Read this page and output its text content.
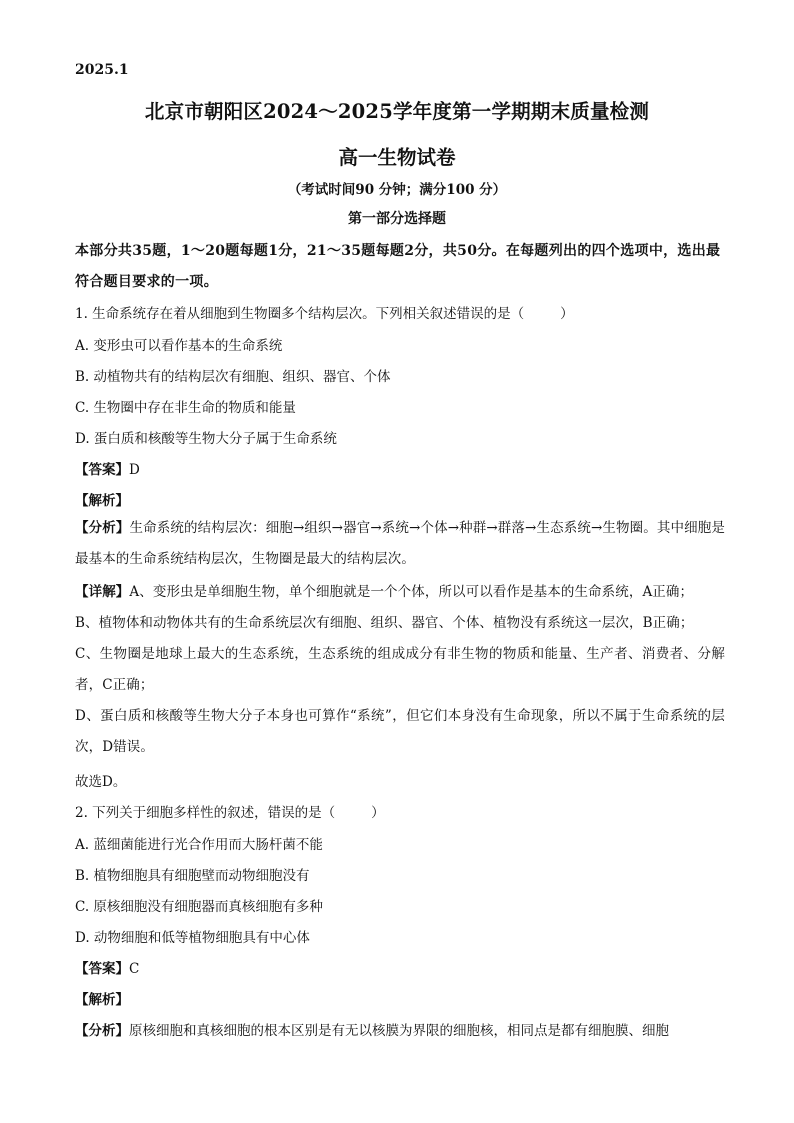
2025.1
北京市朝阳区2024～2025学年度第一学期期末质量检测
高一生物试卷
（考试时间90 分钟；满分100 分）
第一部分选择题
本部分共35题，1～20题每题1分，21～35题每题2分，共50分。在每题列出的四个选项中，选出最符合题目要求的一项。
1. 生命系统存在着从细胞到生物圈多个结构层次。下列相关叙述错误的是（	）
A. 变形虫可以看作基本的生命系统
B. 动植物共有的结构层次有细胞、组织、器官、个体
C. 生物圈中存在非生命的物质和能量
D. 蛋白质和核酸等生物大分子属于生命系统
【答案】D
【解析】
【分析】生命系统的结构层次：细胞→组织→器官→系统→个体→种群→群落→生态系统→生物圈。其中细胞是最基本的生命系统结构层次，生物圈是最大的结构层次。
【详解】A、变形虫是单细胞生物，单个细胞就是一个个体，所以可以看作是基本的生命系统，A正确；
B、植物体和动物体共有的生命系统层次有细胞、组织、器官、个体、植物没有系统这一层次，B正确；
C、生物圈是地球上最大的生态系统，生态系统的组成成分有非生物的物质和能量、生产者、消费者、分解者，C正确；
D、蛋白质和核酸等生物大分子本身也可算作“系统”，但它们本身没有生命现象，所以不属于生命系统的层次，D错误。
故选D。
2. 下列关于细胞多样性的叙述，错误的是（	）
A. 蓝细菌能进行光合作用而大肠杆菌不能
B. 植物细胞具有细胞壁而动物细胞没有
C. 原核细胞没有细胞器而真核细胞有多种
D. 动物细胞和低等植物细胞具有中心体
【答案】C
【解析】
【分析】原核细胞和真核细胞的根本区别是有无以核膜为界限的细胞核，相同点是都有细胞膜、细胞
